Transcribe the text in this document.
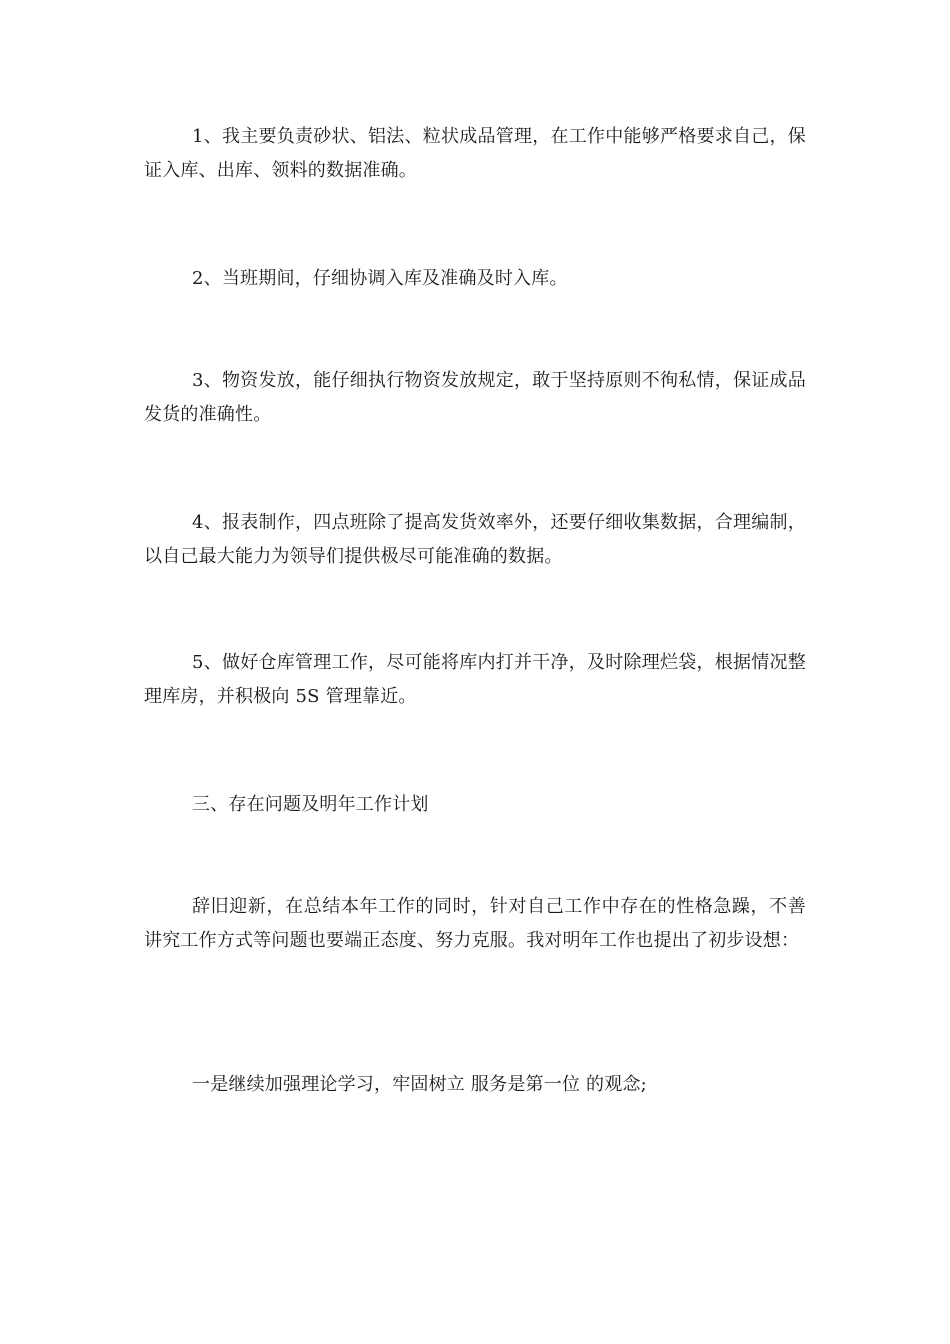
1、我主要负责砂状、铝法、粒状成品管理，在工作中能够严格要求自己，保证入库、出库、领料的数据准确。

2、当班期间，仔细协调入库及准确及时入库。

3、物资发放，能仔细执行物资发放规定，敢于坚持原则不徇私情，保证成品发货的准确性。

4、报表制作，四点班除了提高发货效率外，还要仔细收集数据，合理编制，以自己最大能力为领导们提供极尽可能准确的数据。

5、做好仓库管理工作，尽可能将库内打并干净，及时除理烂袋，根据情况整理库房，并积极向 5S 管理靠近。

三、存在问题及明年工作计划

辞旧迎新，在总结本年工作的同时，针对自己工作中存在的性格急躁，不善讲究工作方式等问题也要端正态度、努力克服。我对明年工作也提出了初步设想：

一是继续加强理论学习，牢固树立 服务是第一位 的观念;
